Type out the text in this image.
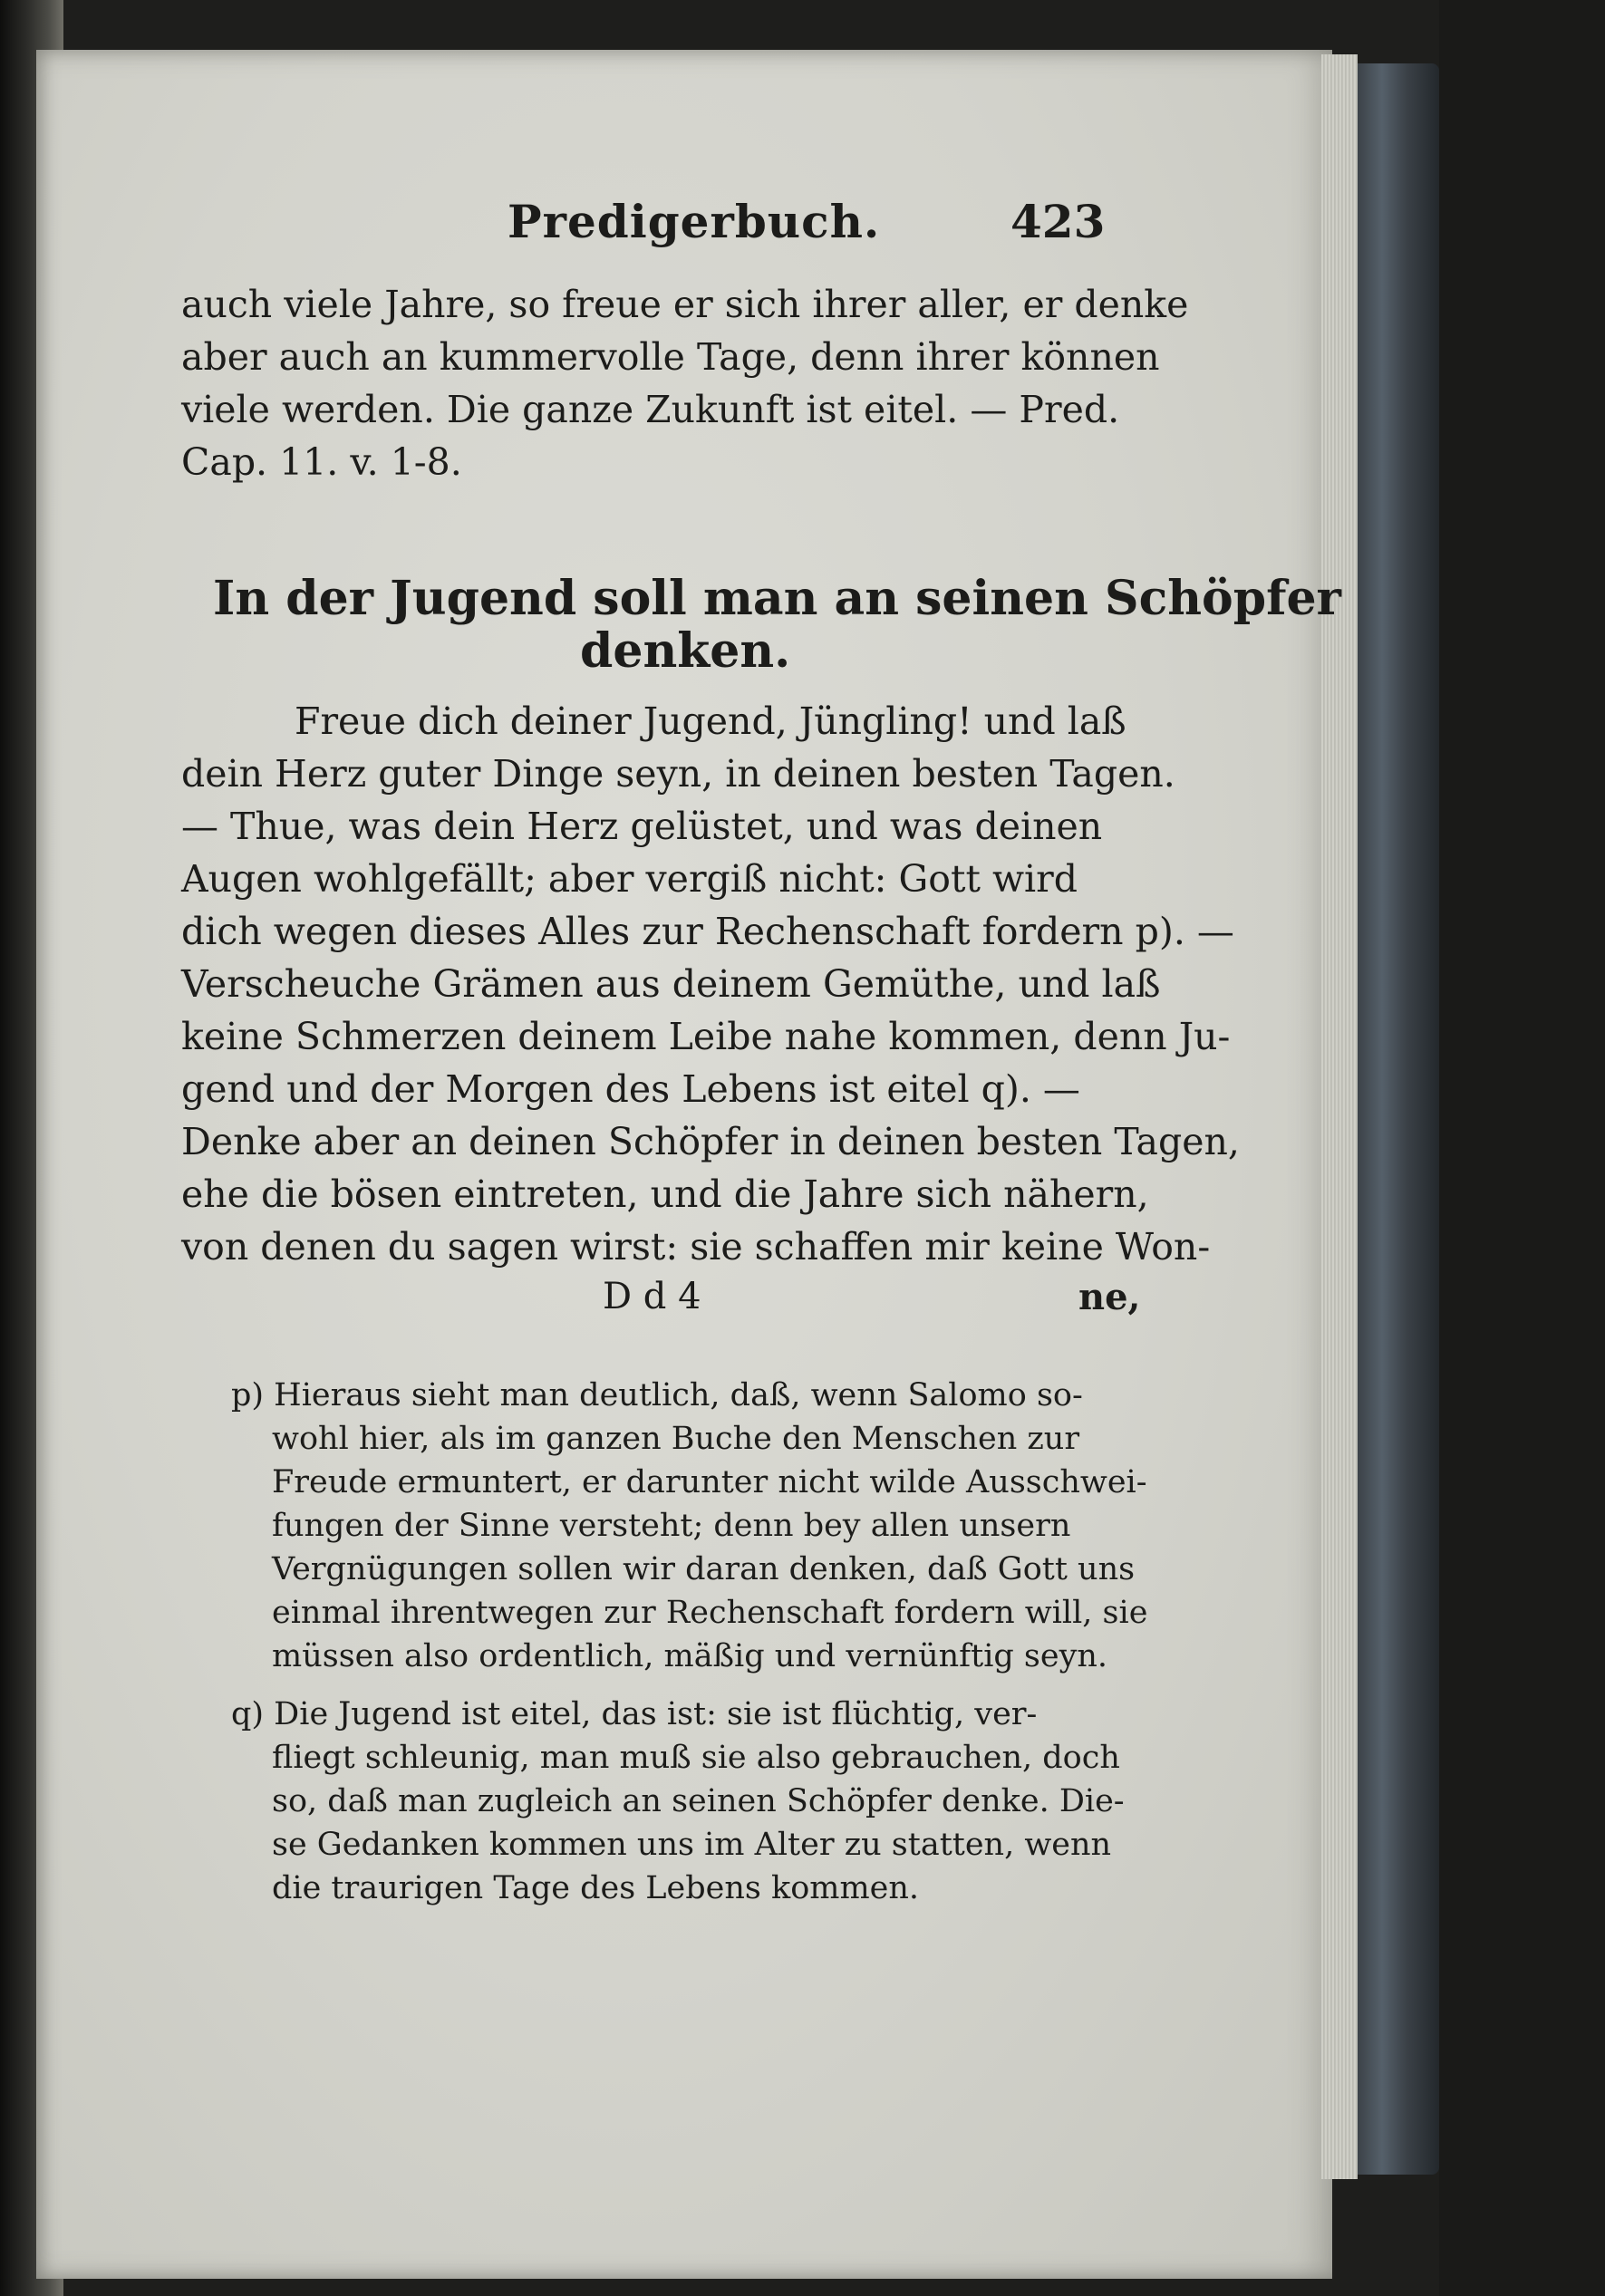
Predigerbuch.	423
auch viele Jahre, so freue er sich ihrer aller, er denke
aber auch an kummervolle Tage, denn ihrer können
viele werden. Die ganze Zukunft ist eitel. — Pred.
Cap. 11. v. 1-8.
In der Jugend soll man an seinen Schöpfer
denken.
Freue dich deiner Jugend, Jüngling! und laß
dein Herz guter Dinge seyn, in deinen besten Tagen.
— Thue, was dein Herz gelüstet, und was deinen
Augen wohlgefällt; aber vergiß nicht: Gott wird
dich wegen dieses Alles zur Rechenschaft fordern p). —
Verscheuche Grämen aus deinem Gemüthe, und laß
keine Schmerzen deinem Leibe nahe kommen, denn Ju-
gend und der Morgen des Lebens ist eitel q). —
Denke aber an deinen Schöpfer in deinen besten Tagen,
ehe die bösen eintreten, und die Jahre sich nähern,
von denen du sagen wirst: sie schaffen mir keine Won-
D d 4	ne,
p) Hieraus sieht man deutlich, daß, wenn Salomo so-
wohl hier, als im ganzen Buche den Menschen zur
Freude ermuntert, er darunter nicht wilde Ausschwei-
fungen der Sinne versteht; denn bey allen unsern
Vergnügungen sollen wir daran denken, daß Gott uns
einmal ihrentwegen zur Rechenschaft fordern will, sie
müssen also ordentlich, mäßig und vernünftig seyn.
q) Die Jugend ist eitel, das ist: sie ist flüchtig, ver-
fliegt schleunig, man muß sie also gebrauchen, doch
so, daß man zugleich an seinen Schöpfer denke. Die-
se Gedanken kommen uns im Alter zu statten, wenn
die traurigen Tage des Lebens kommen.
